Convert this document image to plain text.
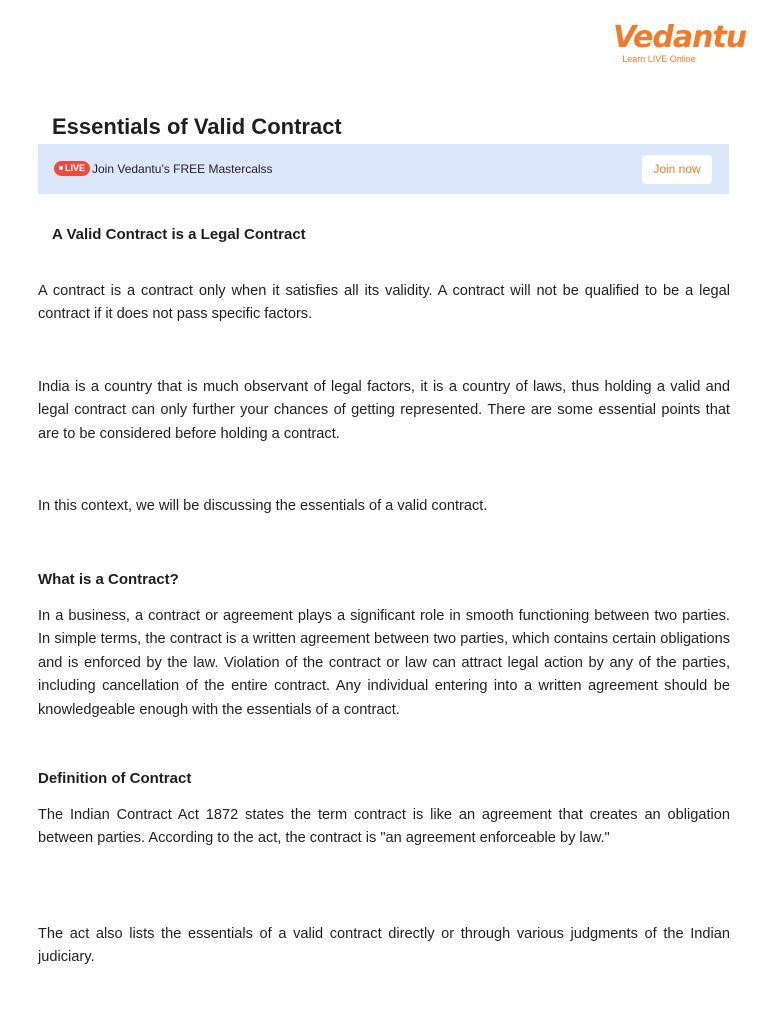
Vedantu
Learn LIVE Online
Essentials of Valid Contract
LIVE Join Vedantu’s FREE Mastercalss	Join now
A Valid Contract is a Legal Contract

A contract is a contract only when it satisfies all its validity. A contract will not be qualified to be a legal contract if it does not pass specific factors.

India is a country that is much observant of legal factors, it is a country of laws, thus holding a valid and legal contract can only further your chances of getting represented. There are some essential points that are to be considered before holding a contract.

In this context, we will be discussing the essentials of a valid contract.

What is a Contract?

In a business, a contract or agreement plays a significant role in smooth functioning between two parties. In simple terms, the contract is a written agreement between two parties, which contains certain obligations and is enforced by the law. Violation of the contract or law can attract legal action by any of the parties, including cancellation of the entire contract. Any individual entering into a written agreement should be knowledgeable enough with the essentials of a contract.

Definition of Contract

The Indian Contract Act 1872 states the term contract is like an agreement that creates an obligation between parties. According to the act, the contract is "an agreement enforceable by law."

The act also lists the essentials of a valid contract directly or through various judgments of the Indian judiciary.
